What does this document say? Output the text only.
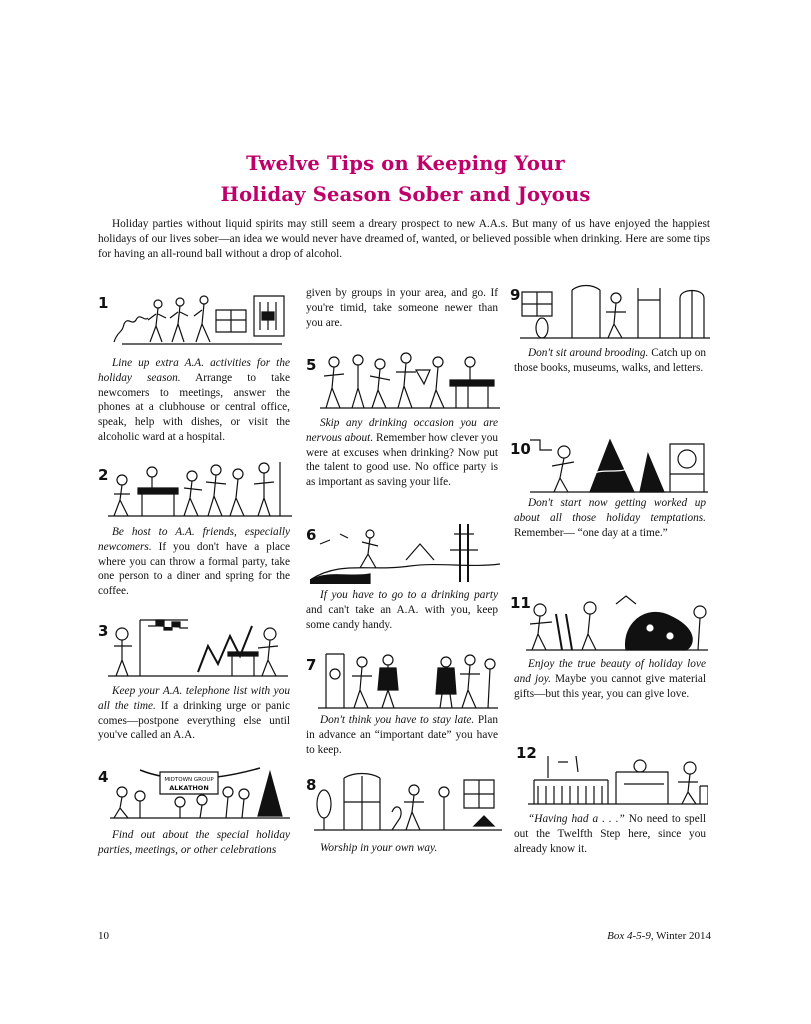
Twelve Tips on Keeping Your
Holiday Season Sober and Joyous

Holiday parties without liquid spirits may still seem a dreary prospect to new A.A.s. But many of us have enjoyed the happiest holidays of our lives sober—an idea we would never have dreamed of, wanted, or believed possible when drinking. Here are some tips for having an all-round ball without a drop of alcohol.

1

Line up extra A.A. activities for the holiday season. Arrange to take newcomers to meetings, answer the phones at a clubhouse or central office, speak, help with dishes, or visit the alcoholic ward at a hospital.

2

Be host to A.A. friends, especially newcomers. If you don't have a place where you can throw a formal party, take one person to a diner and spring for the coffee.

3

Keep your A.A. telephone list with you all the time. If a drinking urge or panic comes—postpone everything else until you've called an A.A.

4	MIDTOWN GROUP
ALKATHON

Find out about the special holiday parties, meetings, or other celebrations

given by groups in your area, and go. If you're timid, take someone newer than you are.

5

Skip any drinking occasion you are nervous about. Remember how clever you were at excuses when drinking? Now put the talent to good use. No office party is as important as saving your life.

6

If you have to go to a drinking party and can't take an A.A. with you, keep some candy handy.

7

Don't think you have to stay late. Plan in advance an “important date” you have to keep.

8

Worship in your own way.

9

Don't sit around brooding. Catch up on those books, museums, walks, and letters.

10

Don't start now getting worked up about all those holiday temptations. Remember— “one day at a time.”

11

Enjoy the true beauty of holiday love and joy. Maybe you cannot give material gifts—but this year, you can give love.

12

“Having had a . . .” No need to spell out the Twelfth Step here, since you already know it.

10	Box 4-5-9, Winter 2014
